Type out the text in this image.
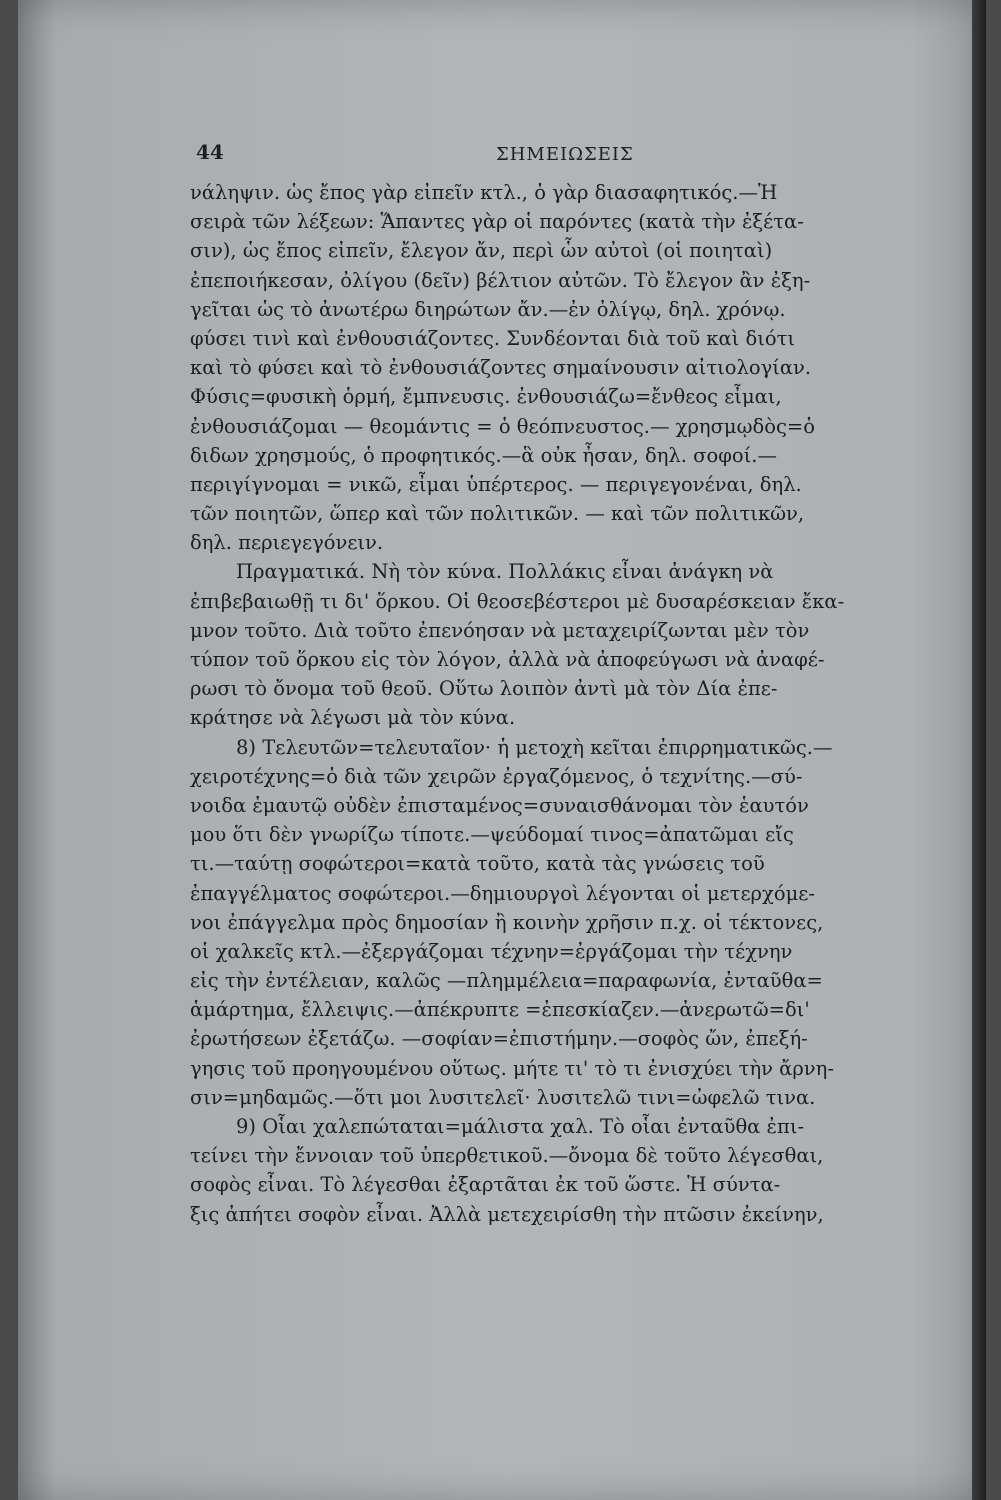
44	ΣΗΜΕΙΩΣΕΙΣ
νάληψιν. ὡς ἔπος γὰρ εἰπεῖν κτλ., ὁ γὰρ διασαφητικός.—Ἡ
σειρὰ τῶν λέξεων: Ἅπαντες γὰρ οἱ παρόντες (κατὰ τὴν ἐξέτα-
σιν), ὡς ἔπος εἰπεῖν, ἔλεγον ἄν, περὶ ὧν αὐτοὶ (οἱ ποιηταὶ)
ἐπεποιήκεσαν, ὀλίγου (δεῖν) βέλτιον αὐτῶν. Τὸ ἔλεγον ἂν ἐξη-
γεῖται ὡς τὸ ἀνωτέρω διηρώτων ἄν.—ἐν ὀλίγῳ, δηλ. χρόνῳ.
φύσει τινὶ καὶ ἐνθουσιάζοντες. Συνδέονται διὰ τοῦ καὶ διότι
καὶ τὸ φύσει καὶ τὸ ἐνθουσιάζοντες σημαίνουσιν αἰτιολογίαν.
Φύσις=φυσικὴ ὁρμή, ἔμπνευσις. ἐνθουσιάζω=ἔνθεος εἶμαι,
ἐνθουσιάζομαι — θεομάντις = ὁ θεόπνευστος.— χρησμῳδὸς=ὁ
διδων χρησμούς, ὁ προφητικός.—ἃ οὐκ ἦσαν, δηλ. σοφοί.—
περιγίγνομαι = νικῶ, εἶμαι ὑπέρτερος. — περιγεγονέναι, δηλ.
τῶν ποιητῶν, ὥπερ καὶ τῶν πολιτικῶν. — καὶ τῶν πολιτικῶν,
δηλ. περιεγεγόνειν.
Πραγματικά. Νὴ τὸν κύνα. Πολλάκις εἶναι ἀνάγκη νὰ
ἐπιβεβαιωθῇ τι δι' ὅρκου. Οἱ θεοσεβέστεροι μὲ δυσαρέσκειαν ἔκα-
μνον τοῦτο. Διὰ τοῦτο ἐπενόησαν νὰ μεταχειρίζωνται μὲν τὸν
τύπον τοῦ ὅρκου εἰς τὸν λόγον, ἀλλὰ νὰ ἀποφεύγωσι νὰ ἀναφέ-
ρωσι τὸ ὄνομα τοῦ θεοῦ. Οὕτω λοιπὸν ἀντὶ μὰ τὸν Δία ἐπε-
κράτησε νὰ λέγωσι μὰ τὸν κύνα.
8) Τελευτῶν=τελευταῖον· ἡ μετοχὴ κεῖται ἐπιρρηματικῶς.—
χειροτέχνης=ὁ διὰ τῶν χειρῶν ἐργαζόμενος, ὁ τεχνίτης.—σύ-
νοιδα ἐμαυτῷ οὐδὲν ἐπισταμένος=συναισθάνομαι τὸν ἑαυτόν
μου ὅτι δὲν γνωρίζω τίποτε.—ψεύδομαί τινος=ἀπατῶμαι εἴς
τι.—ταύτῃ σοφώτεροι=κατὰ τοῦτο, κατὰ τὰς γνώσεις τοῦ
ἐπαγγέλματος σοφώτεροι.—δημιουργοὶ λέγονται οἱ μετερχόμε-
νοι ἐπάγγελμα πρὸς δημοσίαν ἢ κοινὴν χρῆσιν π.χ. οἱ τέκτονες,
οἱ χαλκεῖς κτλ.—ἐξεργάζομαι τέχνην=ἐργάζομαι τὴν τέχνην
εἰς τὴν ἐντέλειαν, καλῶς —πλημμέλεια=παραφωνία, ἐνταῦθα=
ἁμάρτημα, ἔλλειψις.—ἀπέκρυπτε =ἐπεσκίαζεν.—ἀνερωτῶ=δι'
ἐρωτήσεων ἐξετάζω. —σοφίαν=ἐπιστήμην.—σοφὸς ὤν, ἐπεξή-
γησις τοῦ προηγουμένου οὕτως. μήτε τι' τὸ τι ἐνισχύει τὴν ἄρνη-
σιν=μηδαμῶς.—ὅτι μοι λυσιτελεῖ· λυσιτελῶ τινι=ὠφελῶ τινα.
9) Οἷαι χαλεπώταται=μάλιστα χαλ. Τὸ οἷαι ἐνταῦθα ἐπι-
τείνει τὴν ἔννοιαν τοῦ ὑπερθετικοῦ.—ὄνομα δὲ τοῦτο λέγεσθαι,
σοφὸς εἶναι. Τὸ λέγεσθαι ἐξαρτᾶται ἐκ τοῦ ὥστε. Ἡ σύντα-
ξις ἀπήτει σοφὸν εἶναι. Ἀλλὰ μετεχειρίσθη τὴν πτῶσιν ἐκείνην,
